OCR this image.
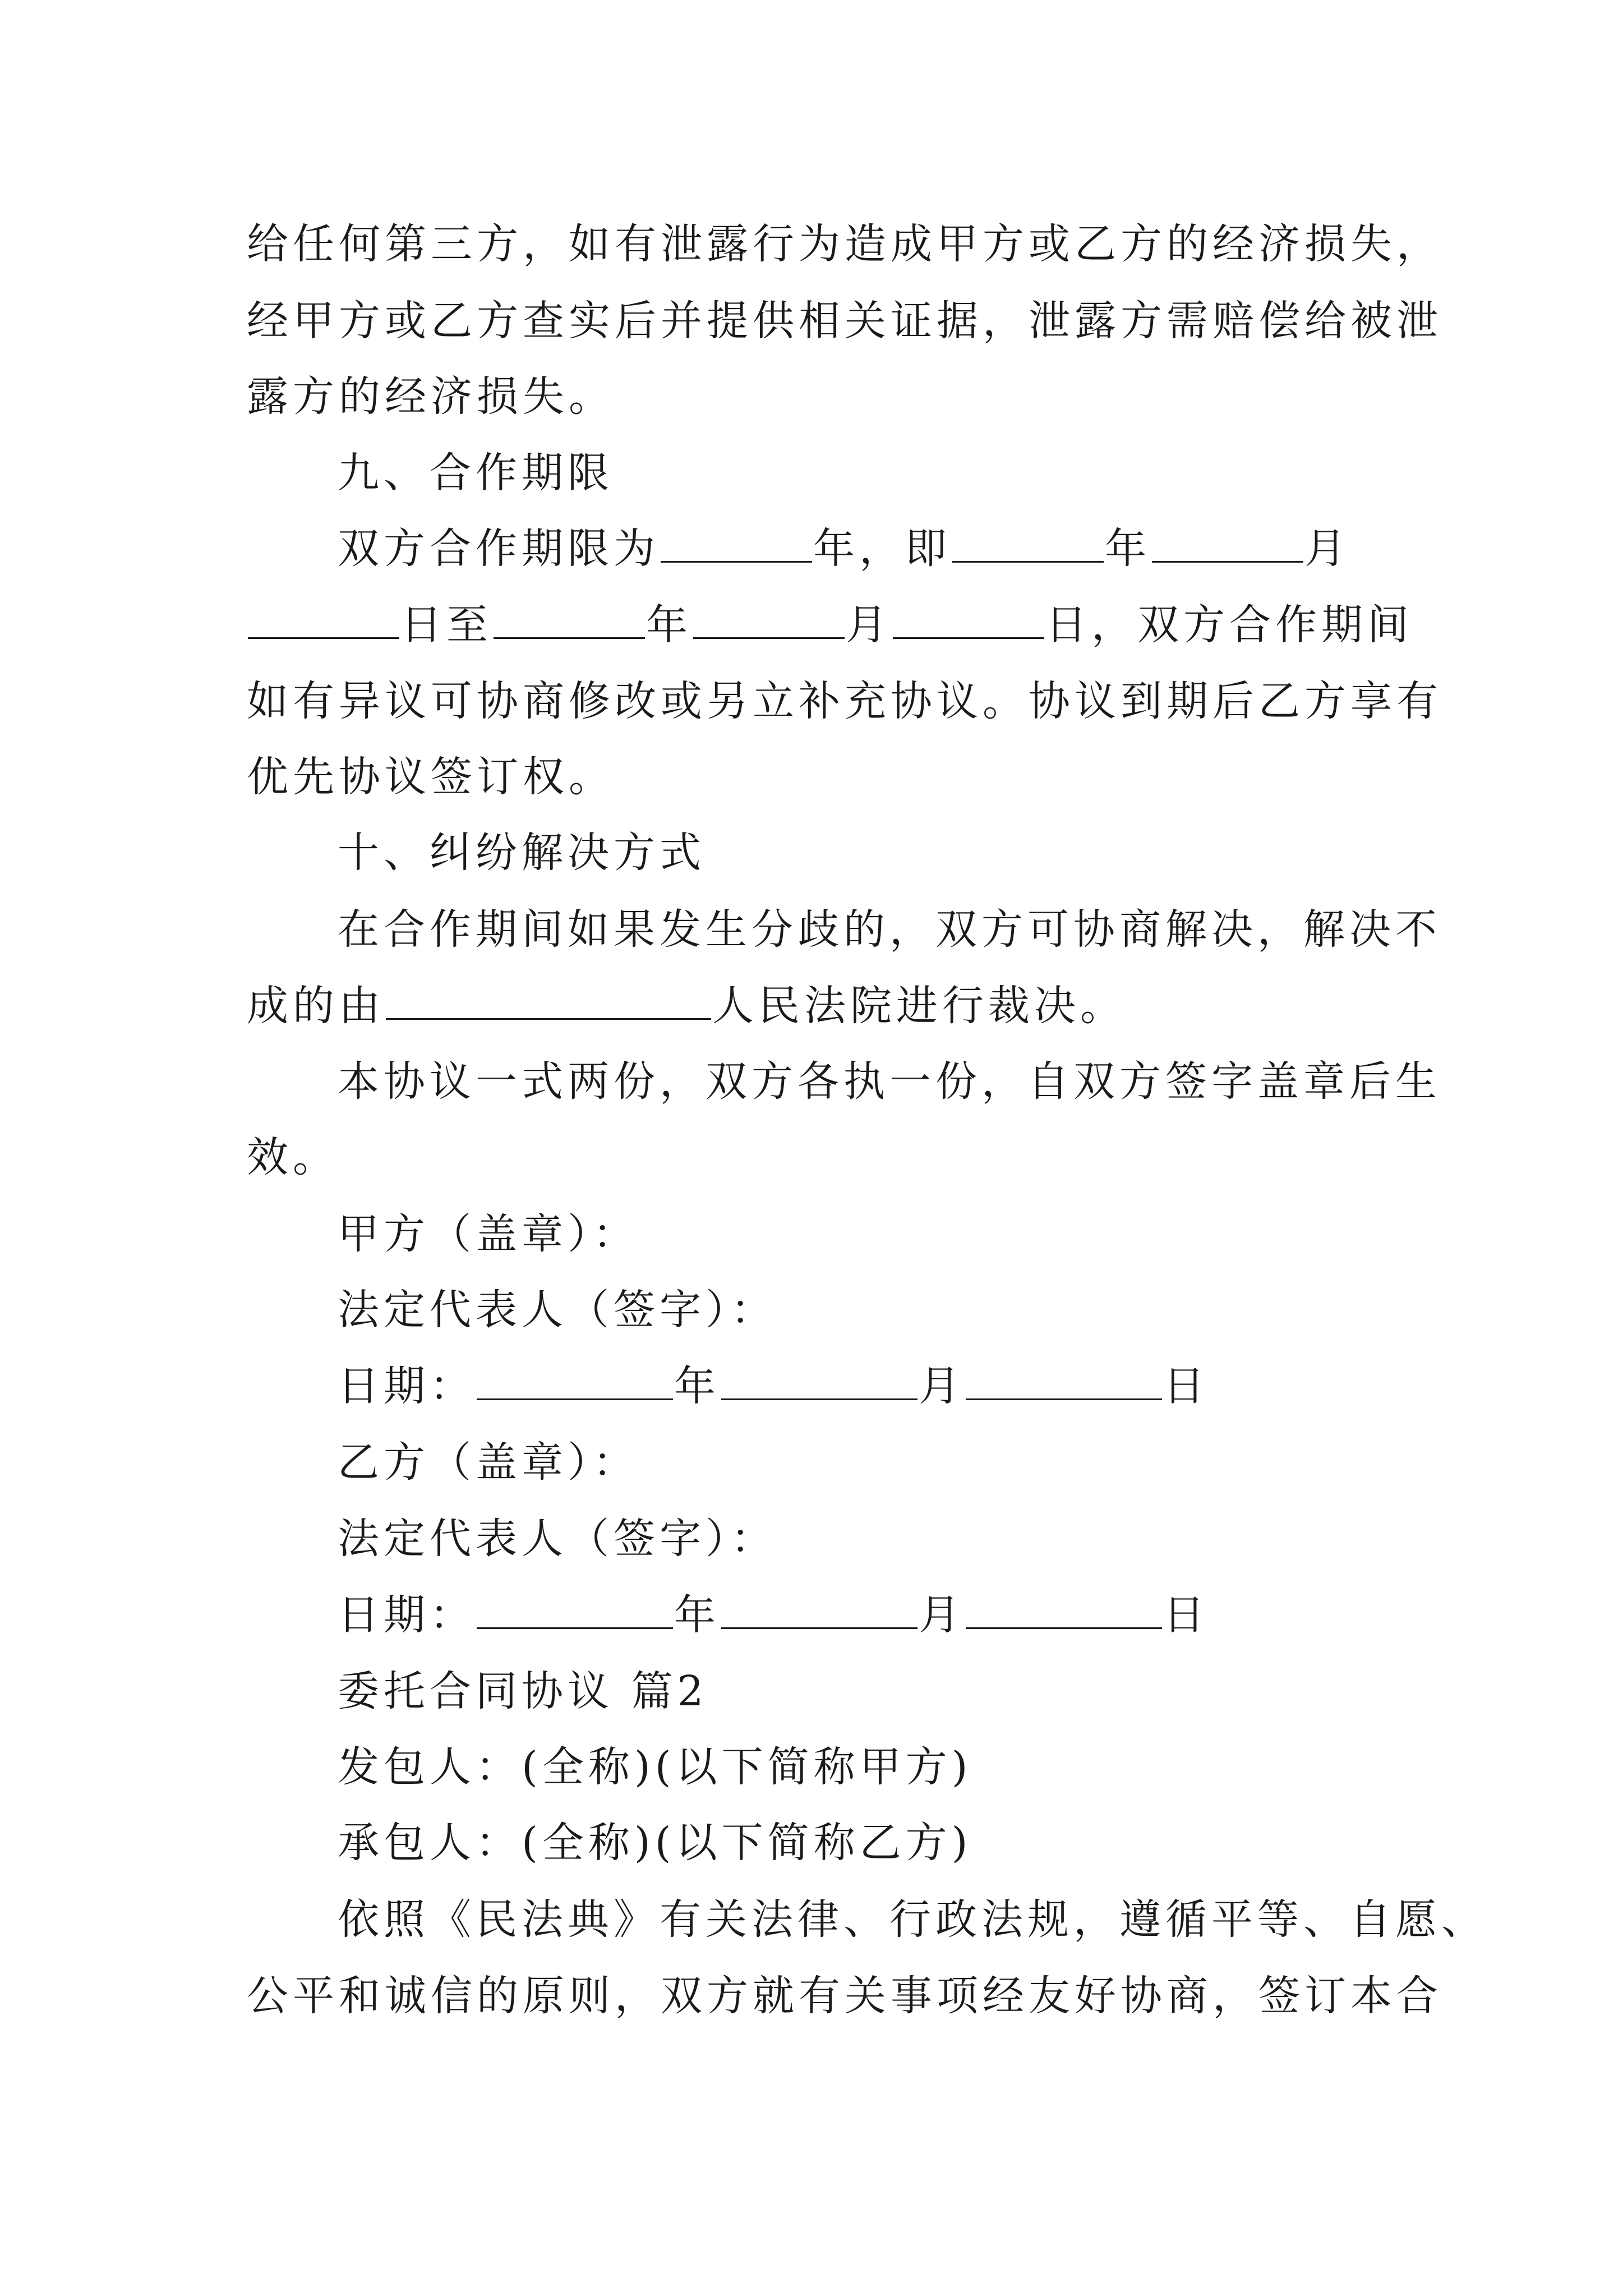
给任何第三方，如有泄露行为造成甲方或乙方的经济损失，
经甲方或乙方查实后并提供相关证据，泄露方需赔偿给被泄
露方的经济损失。
九、合作期限
双方合作期限为	年，即	年	月
日至	年	月	日，双方合作期间
如有异议可协商修改或另立补充协议。协议到期后乙方享有
优先协议签订权。
十、纠纷解决方式
在合作期间如果发生分歧的，双方可协商解决，解决不
成的由	人民法院进行裁决。
本协议一式两份，双方各执一份，自双方签字盖章后生
效。
甲方（盖章）：
法定代表人（签字）：
日期：	年	月	日
乙方（盖章）：
法定代表人（签字）：
日期：	年	月	日
委托合同协议 篇2
发包人：(全称)(以下简称甲方)
承包人：(全称)(以下简称乙方)
依照《民法典》有关法律、行政法规，遵循平等、自愿、
公平和诚信的原则，双方就有关事项经友好协商，签订本合
